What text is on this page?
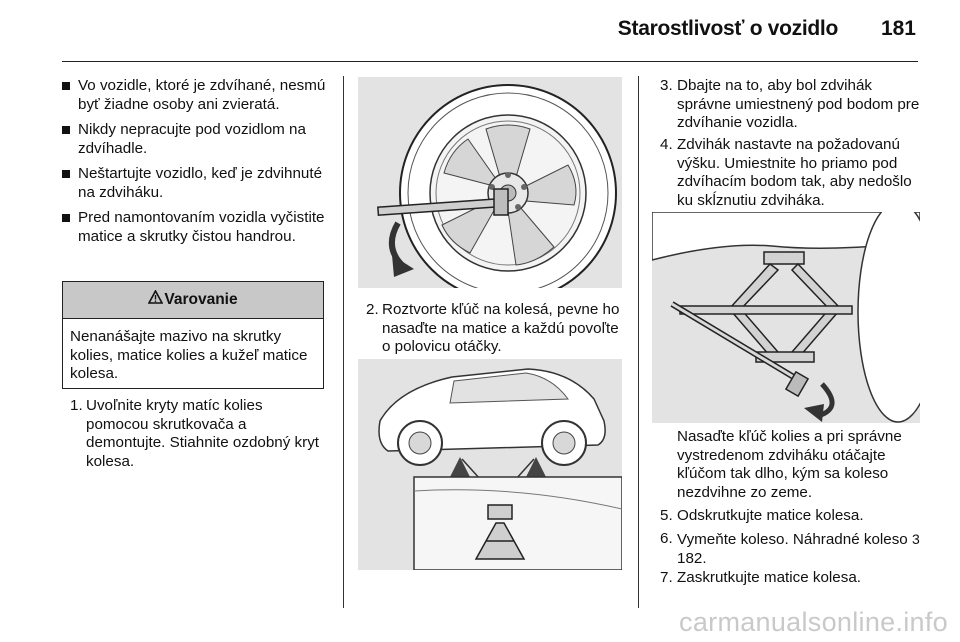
Starostlivosť o vozidlo 181
Vo vozidle, ktoré je zdvíhané, nesmú byť žiadne osoby ani zvieratá.
Nikdy nepracujte pod vozidlom na zdvíhadle.
Neštartujte vozidlo, keď je zdvihnuté na zdviháku.
Pred namontovaním vozidla vyčistite matice a skrutky čistou handrou.
Varovanie
Nenanášajte mazivo na skrutky kolies, matice kolies a kužeľ matice kolesa.
1. Uvoľnite kryty matíc kolies pomocou skrutkovača a demontujte. Stiahnite ozdobný kryt kolesa.
2. Roztvorte kľúč na kolesá, pevne ho nasaďte na matice a každú povoľte o polovicu otáčky.
3. Dbajte na to, aby bol zdvihák správne umiestnený pod bodom pre zdvíhanie vozidla.
4. Zdvihák nastavte na požadovanú výšku. Umiestnite ho priamo pod zdvíhacím bodom tak, aby nedošlo ku skĺznutiu zdviháka.
Nasaďte kľúč kolies a pri správne vystredenom zdviháku otáčajte kľúčom tak dlho, kým sa koleso nezdvihne zo zeme.
5. Odskrutkujte matice kolesa.
6. Vymeňte koleso. Náhradné koleso 3 182.
7. Zaskrutkujte matice kolesa.
carmanualsonline.info
